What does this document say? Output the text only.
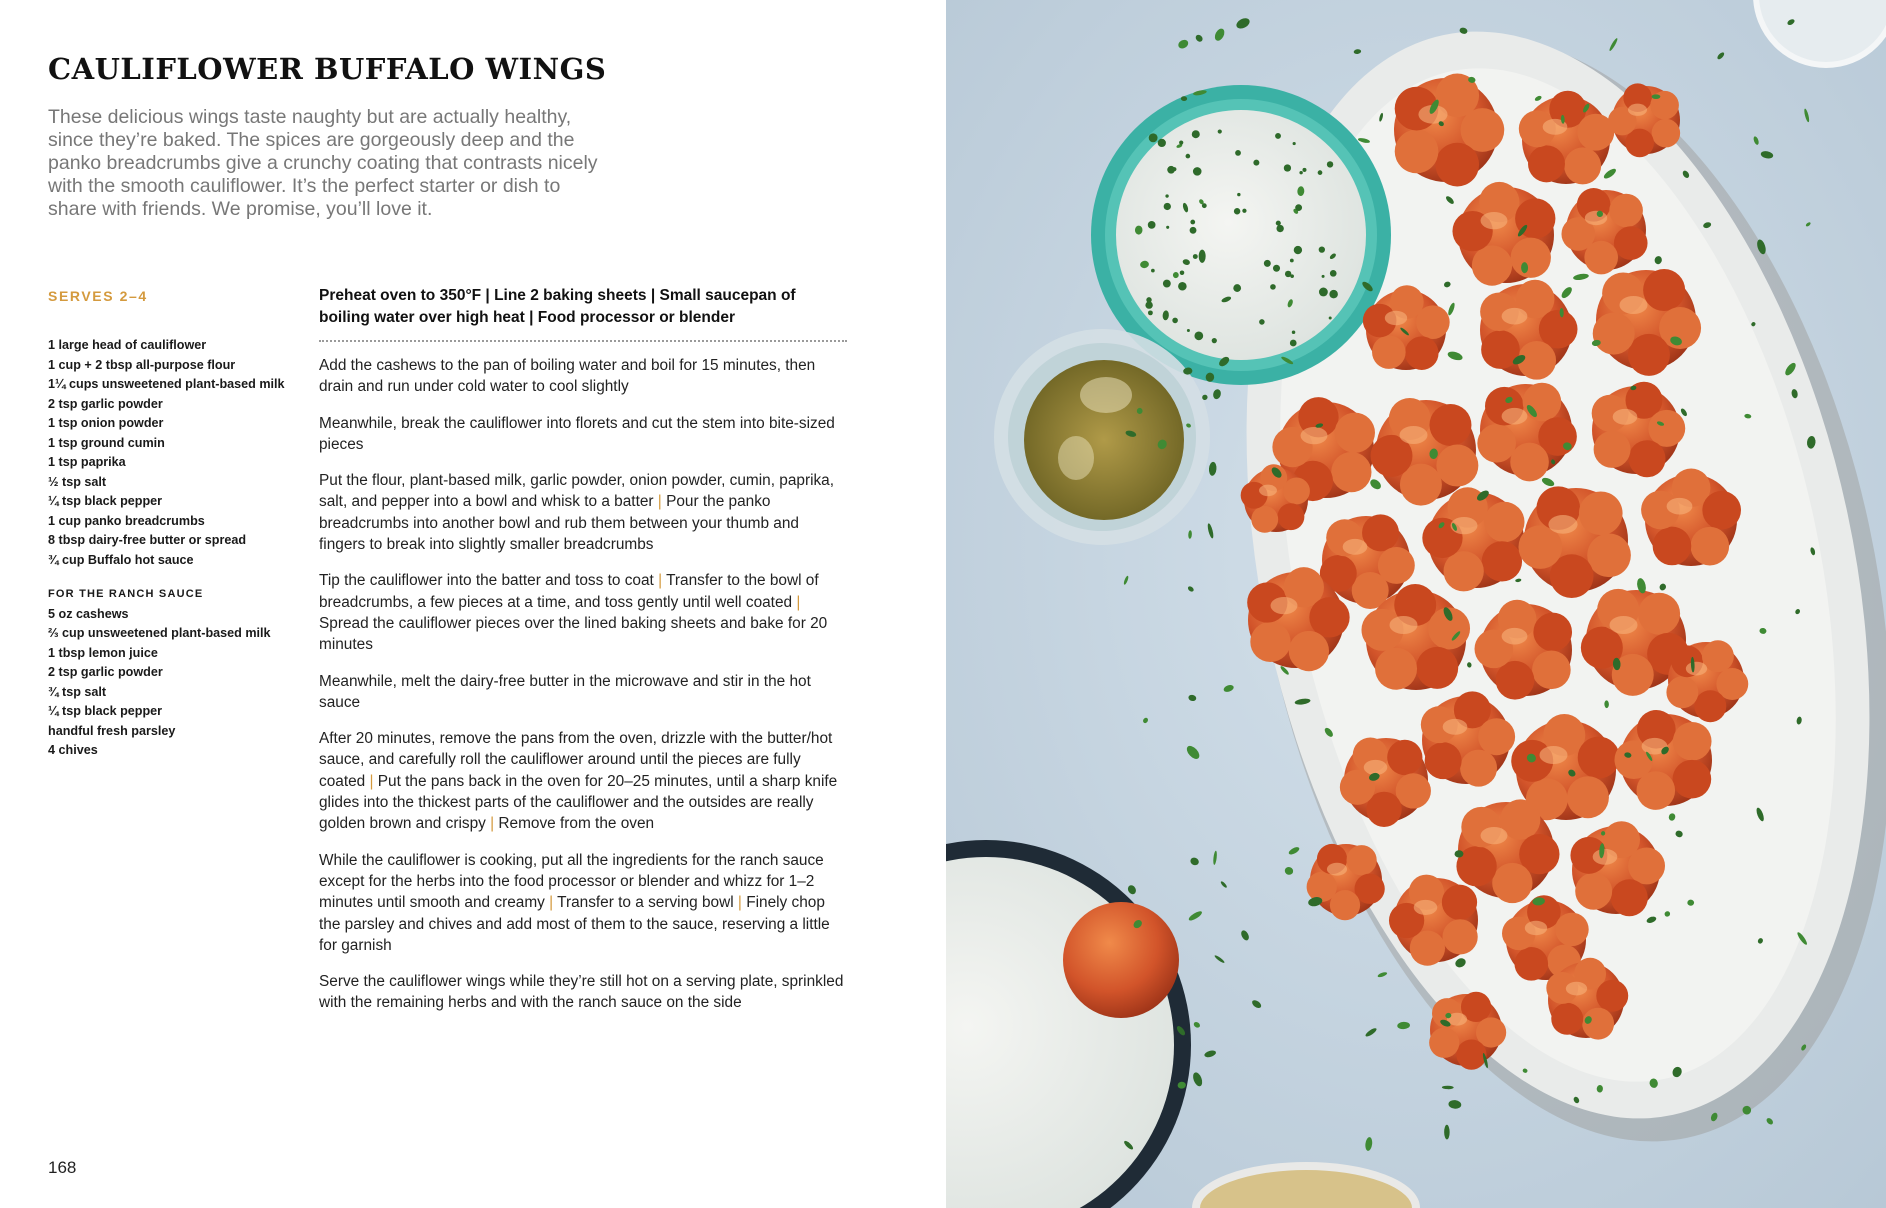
CAULIFLOWER BUFFALO WINGS
These delicious wings taste naughty but are actually healthy, since they’re baked. The spices are gorgeously deep and the panko breadcrumbs give a crunchy coating that contrasts nicely with the smooth cauliflower. It’s the perfect starter or dish to share with friends. We promise, you’ll love it.
SERVES 2–4
1 large head of cauliflower
1 cup + 2 tbsp all-purpose flour
1¼ cups unsweetened plant-based milk
2 tsp garlic powder
1 tsp onion powder
1 tsp ground cumin
1 tsp paprika
½ tsp salt
¼ tsp black pepper
1 cup panko breadcrumbs
8 tbsp dairy-free butter or spread
¾ cup Buffalo hot sauce
FOR THE RANCH SAUCE
5 oz cashews
⅔ cup unsweetened plant-based milk
1 tbsp lemon juice
2 tsp garlic powder
¾ tsp salt
¼ tsp black pepper
handful fresh parsley
4 chives
Preheat oven to 350°F | Line 2 baking sheets | Small saucepan of boiling water over high heat | Food processor or blender

Add the cashews to the pan of boiling water and boil for 15 minutes, then drain and run under cold water to cool slightly

Meanwhile, break the cauliflower into florets and cut the stem into bite-sized pieces

Put the flour, plant-based milk, garlic powder, onion powder, cumin, paprika, salt, and pepper into a bowl and whisk to a batter | Pour the panko breadcrumbs into another bowl and rub them between your thumb and fingers to break into slightly smaller breadcrumbs

Tip the cauliflower into the batter and toss to coat | Transfer to the bowl of breadcrumbs, a few pieces at a time, and toss gently until well coated | Spread the cauliflower pieces over the lined baking sheets and bake for 20 minutes

Meanwhile, melt the dairy-free butter in the microwave and stir in the hot sauce

After 20 minutes, remove the pans from the oven, drizzle with the butter/hot sauce, and carefully roll the cauliflower around until the pieces are fully coated | Put the pans back in the oven for 20–25 minutes, until a sharp knife glides into the thickest parts of the cauliflower and the outsides are really golden brown and crispy | Remove from the oven

While the cauliflower is cooking, put all the ingredients for the ranch sauce except for the herbs into the food processor or blender and whizz for 1–2 minutes until smooth and creamy | Transfer to a serving bowl | Finely chop the parsley and chives and add most of them to the sauce, reserving a little for garnish

Serve the cauliflower wings while they’re still hot on a serving plate, sprinkled with the remaining herbs and with the ranch sauce on the side

168
